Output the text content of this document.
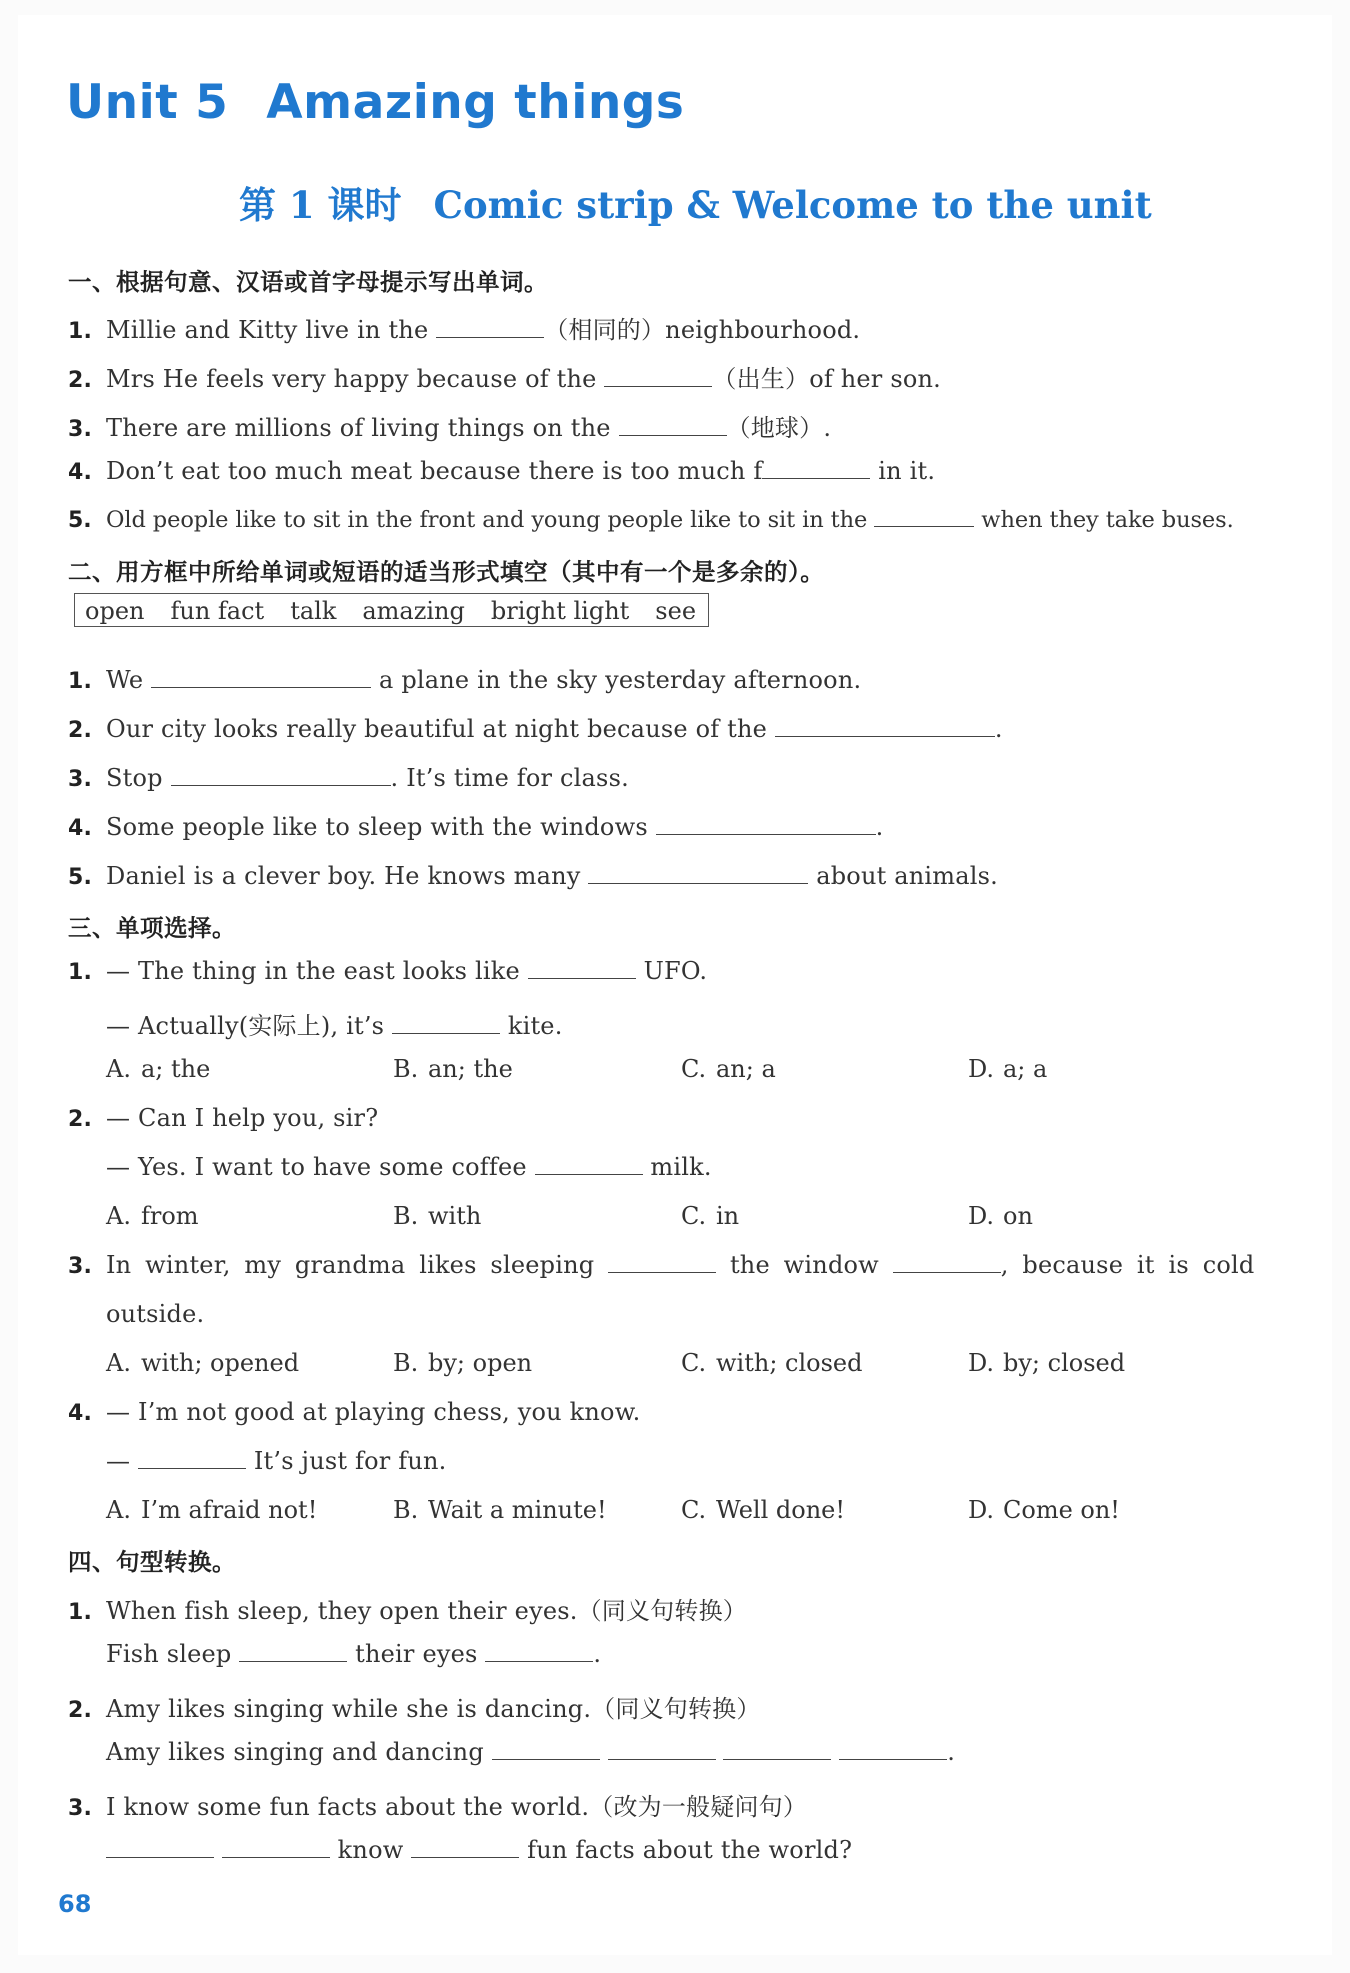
Unit 5 Amazing things
第 1 课时 Comic strip & Welcome to the unit
一、根据句意、汉语或首字母提示写出单词。
1. Millie and Kitty live in the	（相同的）neighbourhood.
2. Mrs He feels very happy because of the	（出生）of her son.
3. There are millions of living things on the	（地球）.
4. Don’t eat too much meat because there is too much f	in it.
5. Old people like to sit in the front and young people like to sit in the	when they take buses.
二、用方框中所给单词或短语的适当形式填空（其中有一个是多余的）。
open fun fact talk amazing bright light see
1. We	a plane in the sky yesterday afternoon.
2. Our city looks really beautiful at night because of the	.
3. Stop	. It’s time for class.
4. Some people like to sleep with the windows	.
5. Daniel is a clever boy. He knows many	about animals.
三、单项选择。
1. — The thing in the east looks like	UFO.
— Actually(实际上), it’s	kite.
A. a; the	B. an; the	C. an; a	D. a; a
2. — Can I help you, sir?
— Yes. I want to have some coffee	milk.
A. from	B. with	C. in	D. on
3. In winter, my grandma likes sleeping	the window	, because it is cold
outside.
A. with; opened	B. by; open	C. with; closed	D. by; closed
4. — I’m not good at playing chess, you know.
—	It’s just for fun.
A. I’m afraid not!	B. Wait a minute!	C. Well done!	D. Come on!
四、句型转换。
1. When fish sleep, they open their eyes.（同义句转换）
Fish sleep	their eyes	.
2. Amy likes singing while she is dancing.（同义句转换）
Amy likes singing and dancing	.
3. I know some fun facts about the world.（改为一般疑问句）
know	fun facts about the world?
68
